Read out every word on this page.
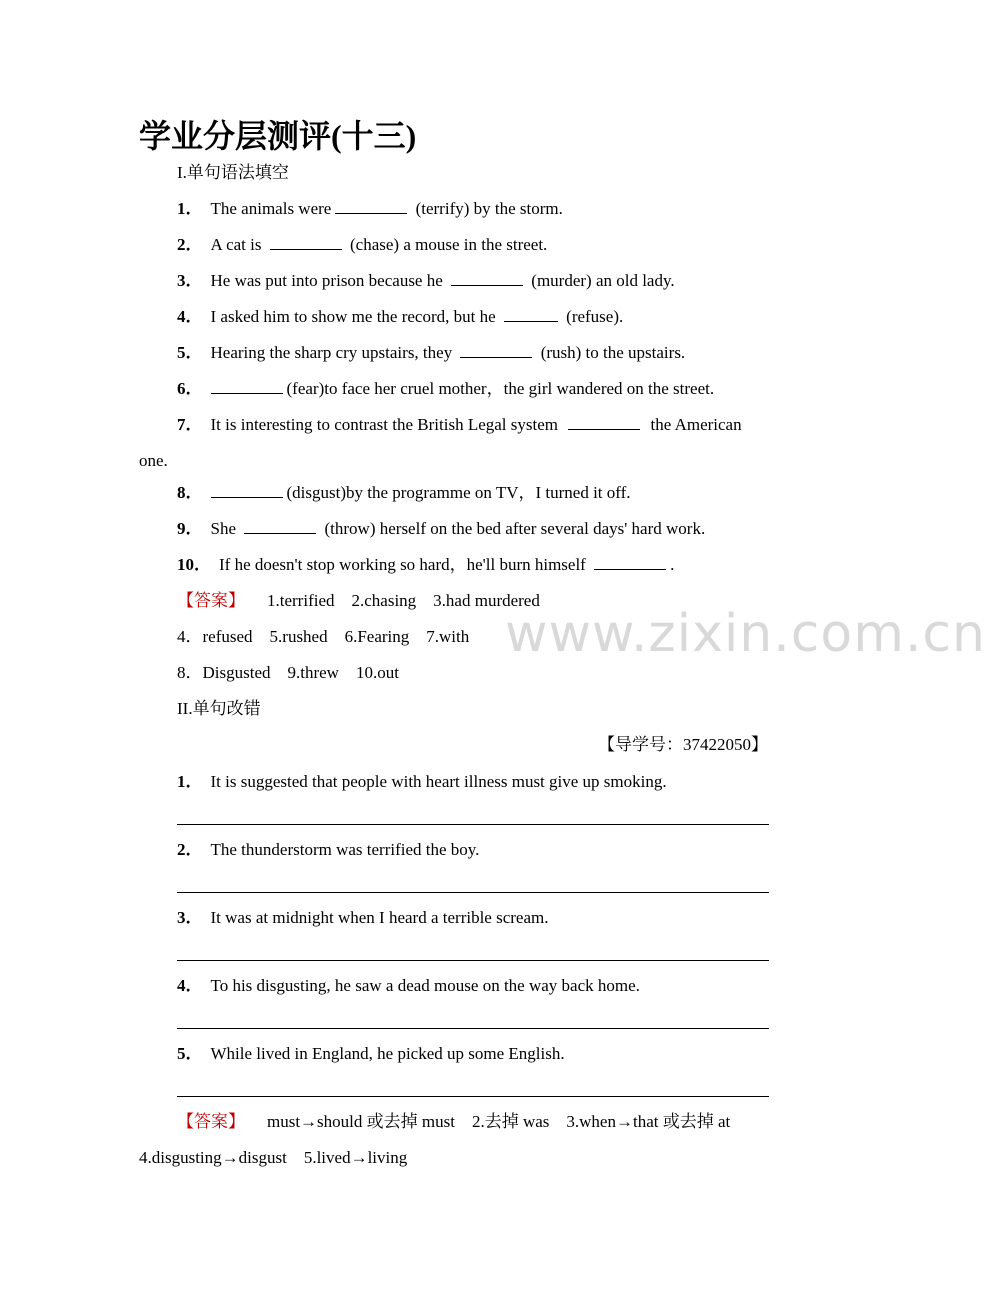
学业分层测评(十三)
I.单句语法填空
1． The animals were	(terrify) by the storm.
2． A cat is	(chase) a mouse in the street.
3． He was put into prison because he	(murder) an old lady.
4． I asked him to show me the record, but he	(refuse).
5． Hearing the sharp cry upstairs, they	(rush) to the upstairs.
6．	(fear)to face her cruel mother，the girl wandered on the street.
7． It is interesting to contrast the British Legal system	the American
one.
8．	(disgust)by the programme on TV，I turned it off.
9． She	(throw) herself on the bed after several days' hard work.
10． If he doesn't stop working so hard，he'll burn himself	.
【答案】 1.terrified    2.chasing    3.had murdered
4．refused    5.rushed    6.Fearing    7.with
8．Disgusted    9.threw    10.out
www.zixin.com.cn
II.单句改错
【导学号：37422050】
1． It is suggested that people with heart illness must give up smoking.
2． The thunderstorm was terrified the boy.
3． It was at midnight when I heard a terrible scream.
4． To his disgusting, he saw a dead mouse on the way back home.
5． While lived in England, he picked up some English.
【答案】 must→should 或去掉 must    2.去掉 was    3.when→that 或去掉 at
4.disgusting→disgust    5.lived→living
